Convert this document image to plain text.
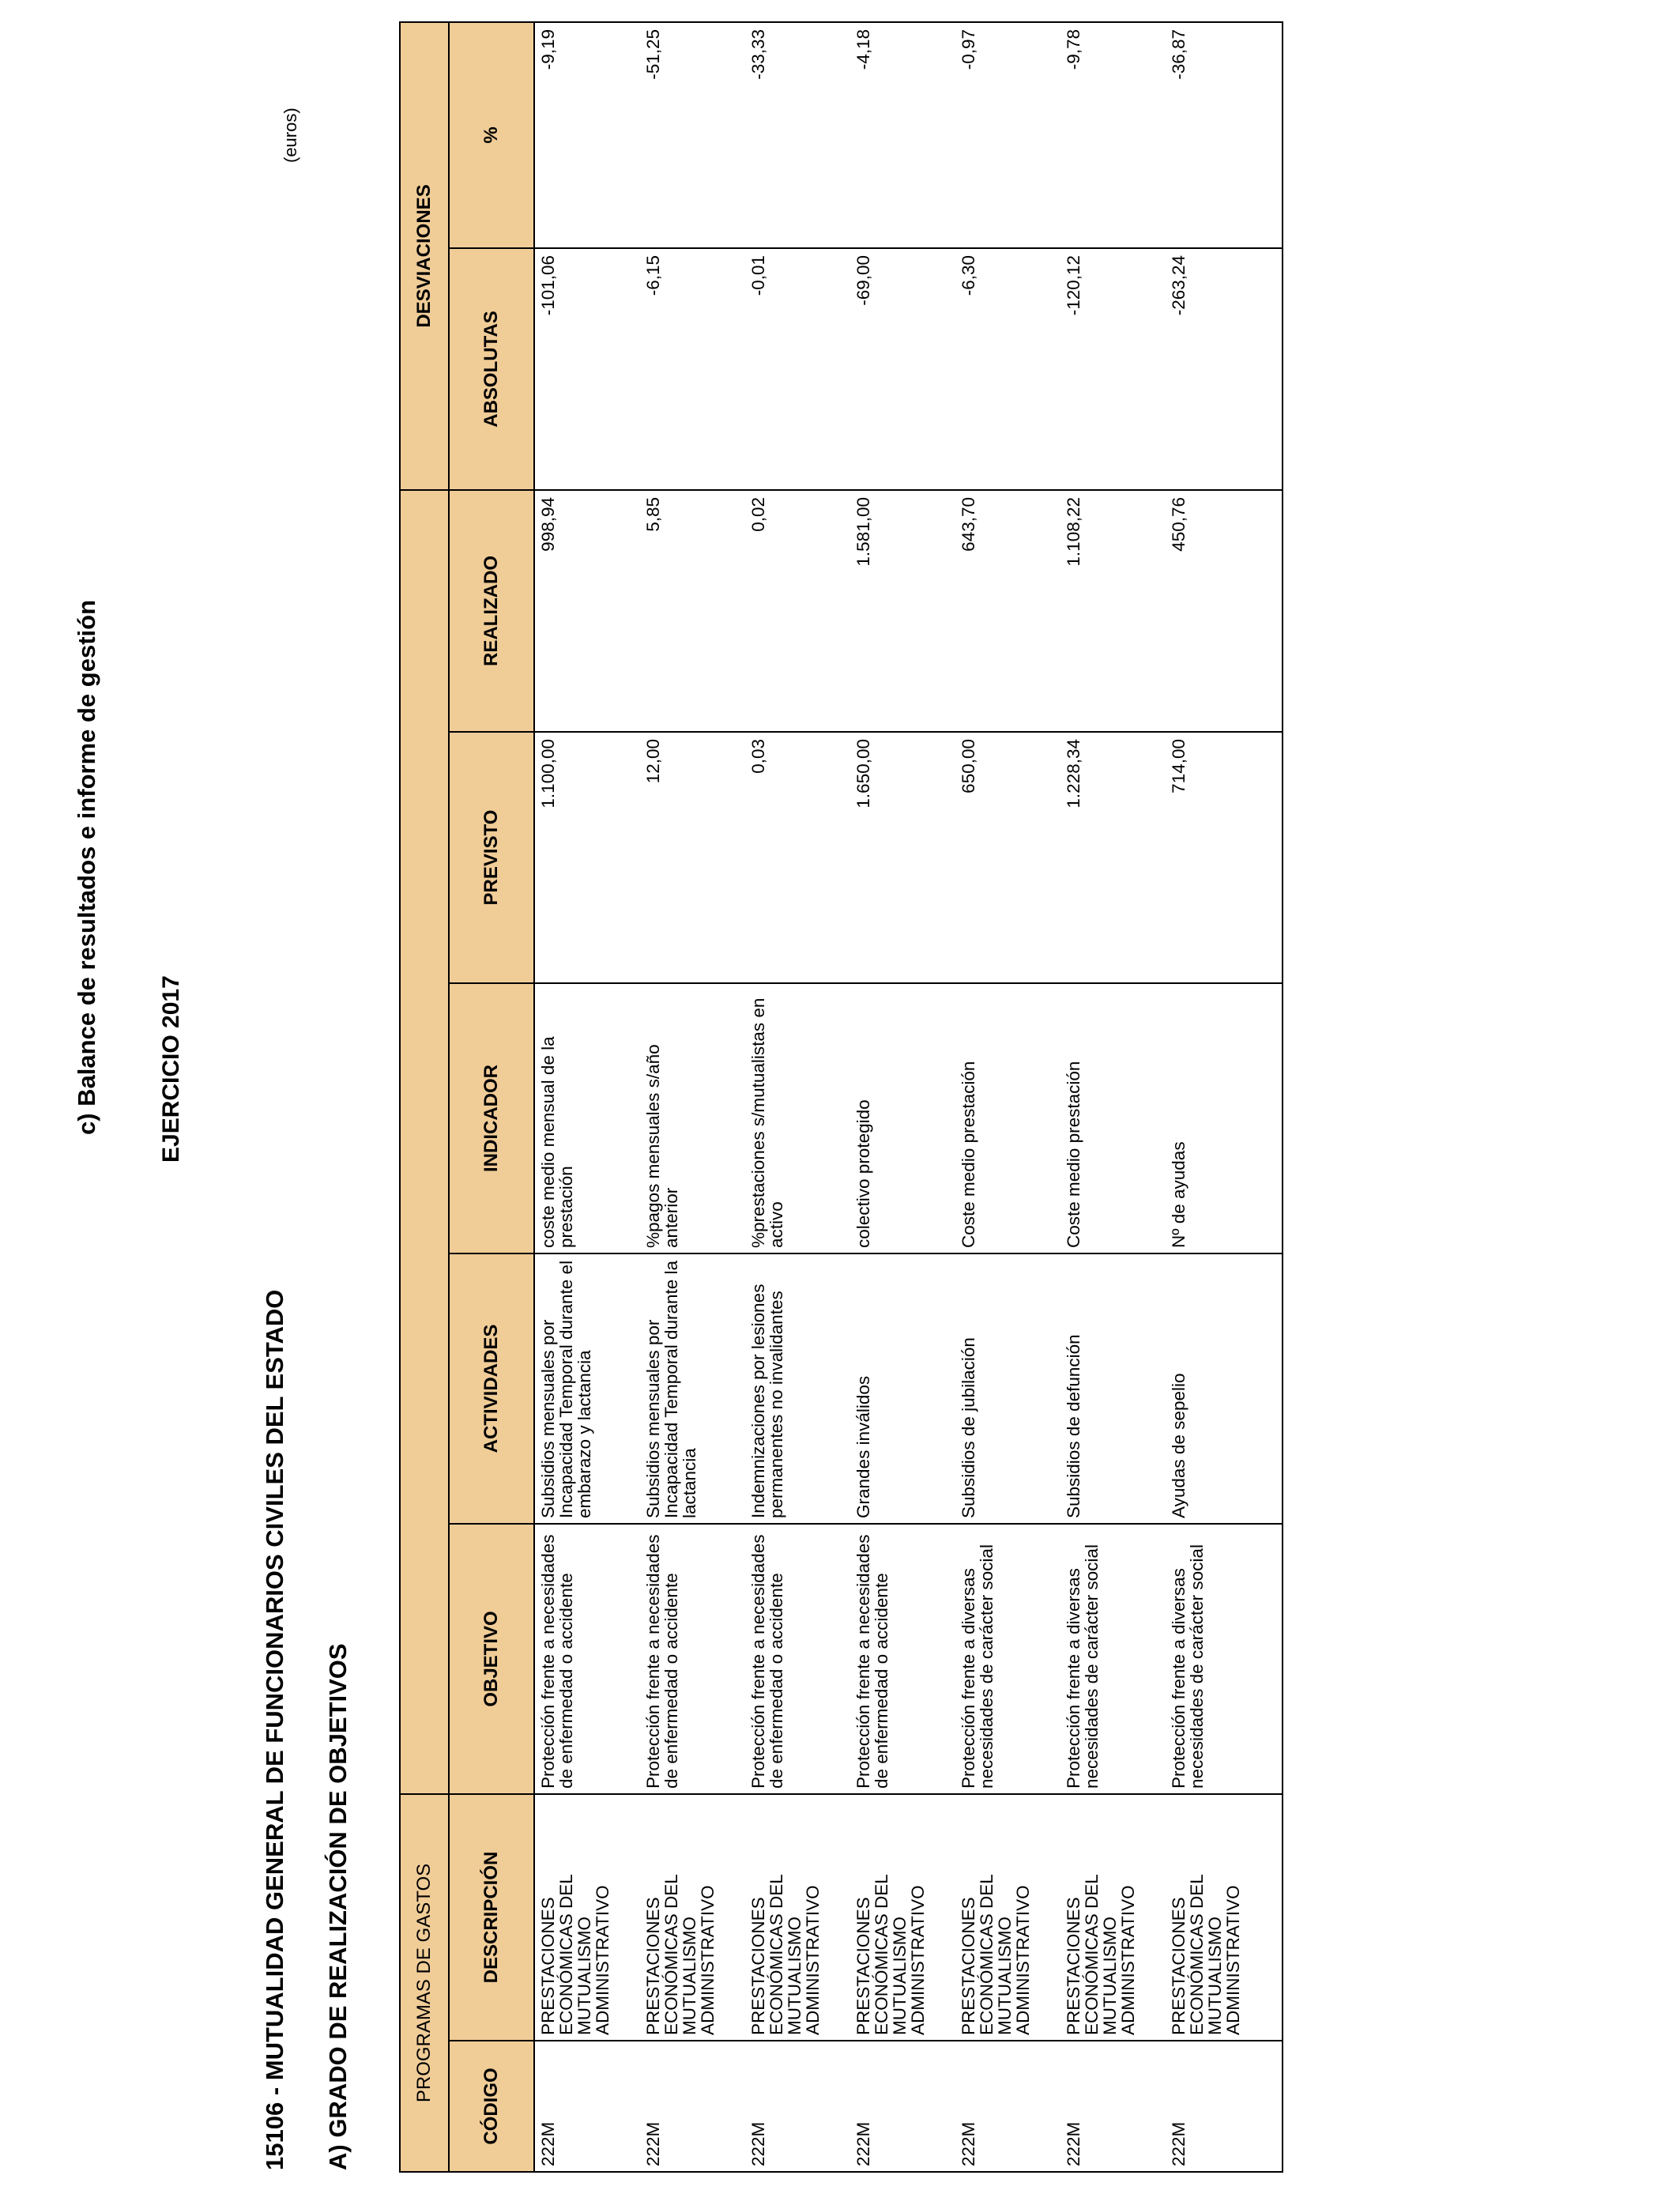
c) Balance de resultados e informe de gestión EJERCICIO 2017
15106 - MUTUALIDAD GENERAL DE FUNCIONARIOS CIVILES DEL ESTADO A) GRADO DE REALIZACIÓN DE OBJETIVOS
(euros)
PROGRAMAS DE GASTOS							DESVIACIONES	
CÓDIGO	DESCRIPCIÓN	OBJETIVO	ACTIVIDADES	INDICADOR	PREVISTO	REALIZADO	ABSOLUTAS	%
222M	PRESTACIONES ECONÓMICAS DEL MUTUALISMO ADMINISTRATIVO	Protección frente a necesidades de enfermedad o accidente	Subsidios mensuales por Incapacidad Temporal durante el embarazo y lactancia	coste medio mensual de la prestación	1.100,00	998,94	-101,06	-9,19
222M	PRESTACIONES ECONÓMICAS DEL MUTUALISMO ADMINISTRATIVO	Protección frente a necesidades de enfermedad o accidente	Subsidios mensuales por Incapacidad Temporal durante la lactancia	%pagos mensuales s/año anterior	12,00	5,85	-6,15	-51,25
222M	PRESTACIONES ECONÓMICAS DEL MUTUALISMO ADMINISTRATIVO	Protección frente a necesidades de enfermedad o accidente	Indemnizaciones por lesiones permanentes no invalidantes	%prestaciones s/mutualistas en activo	0,03	0,02	-0,01	-33,33
222M	PRESTACIONES ECONÓMICAS DEL MUTUALISMO ADMINISTRATIVO	Protección frente a necesidades de enfermedad o accidente	Grandes inválidos	colectivo protegido	1.650,00	1.581,00	-69,00	-4,18
222M	PRESTACIONES ECONÓMICAS DEL MUTUALISMO ADMINISTRATIVO	Protección frente a diversas necesidades de carácter social	Subsidios de jubilación	Coste medio prestación	650,00	643,70	-6,30	-0,97
222M	PRESTACIONES ECONÓMICAS DEL MUTUALISMO ADMINISTRATIVO	Protección frente a diversas necesidades de carácter social	Subsidios de defunción	Coste medio prestación	1.228,34	1.108,22	-120,12	-9,78
222M	PRESTACIONES ECONÓMICAS DEL MUTUALISMO ADMINISTRATIVO	Protección frente a diversas necesidades de carácter social	Ayudas de sepelio	Nº de ayudas	714,00	450,76	-263,24	-36,87
